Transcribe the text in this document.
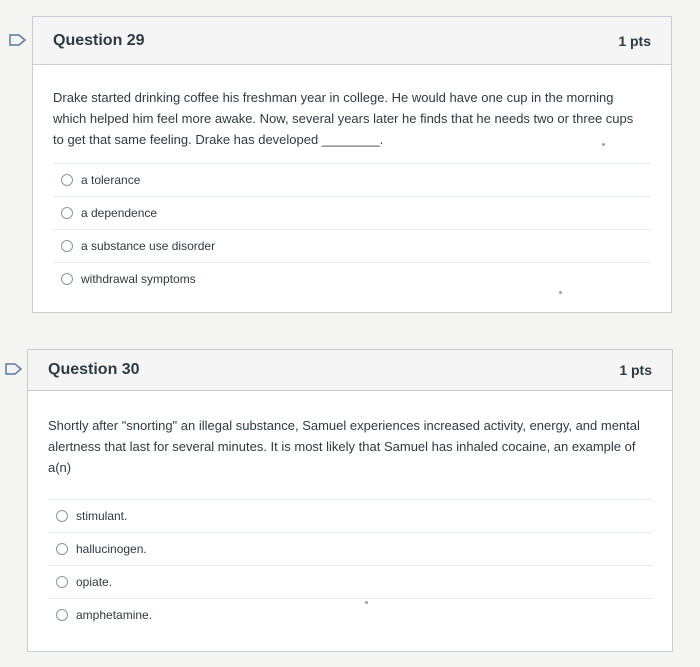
Question 29	1 pts
Drake started drinking coffee his freshman year in college. He would have one cup in the morning which helped him feel more awake. Now, several years later he finds that he needs two or three cups to get that same feeling. Drake has developed ________.
a tolerance
a dependence
a substance use disorder
withdrawal symptoms
Question 30	1 pts
Shortly after "snorting" an illegal substance, Samuel experiences increased activity, energy, and mental alertness that last for several minutes. It is most likely that Samuel has inhaled cocaine, an example of a(n)
stimulant.
hallucinogen.
opiate.
amphetamine.
